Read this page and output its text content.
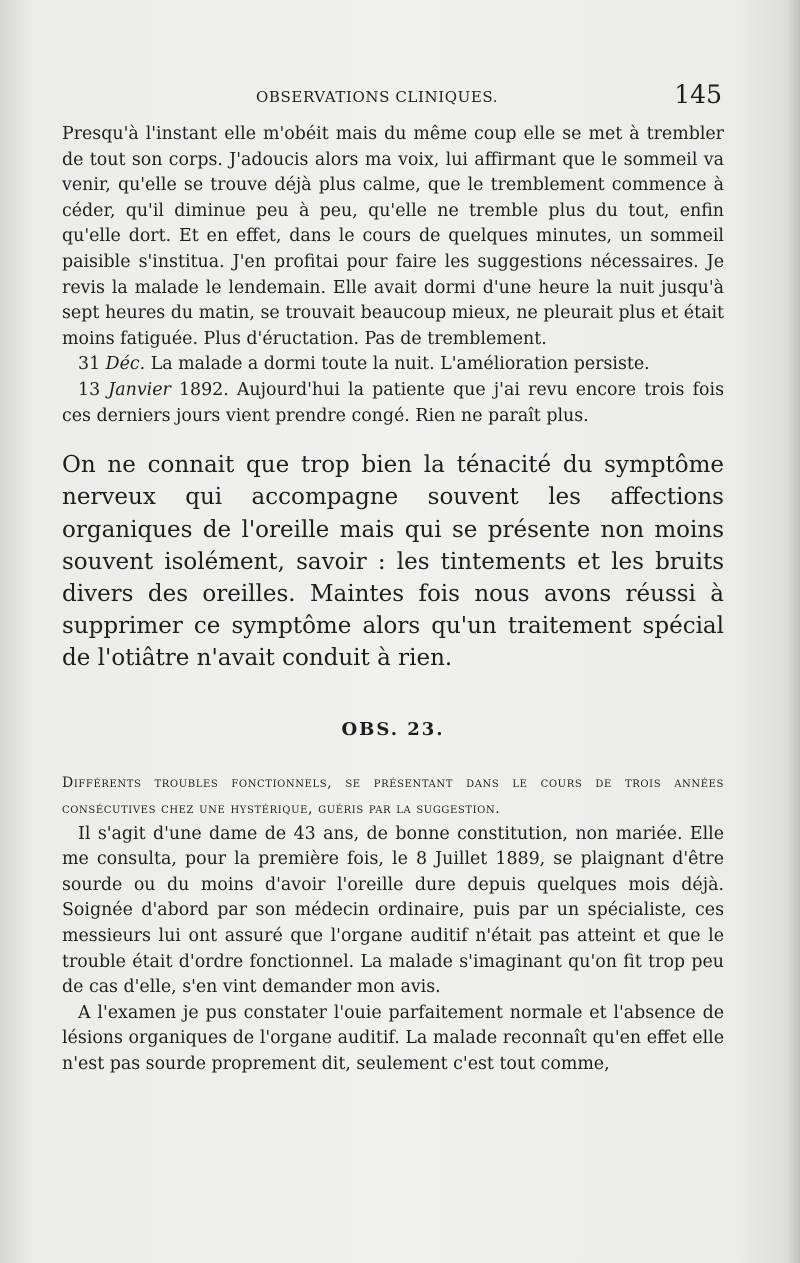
OBSERVATIONS CLINIQUES.	145

Presqu'à l'instant elle m'obéit mais du même coup elle se met à trembler de tout son corps. J'adoucis alors ma voix, lui affirmant que le sommeil va venir, qu'elle se trouve déjà plus calme, que le tremblement commence à céder, qu'il diminue peu à peu, qu'elle ne tremble plus du tout, enfin qu'elle dort. Et en effet, dans le cours de quelques minutes, un sommeil paisible s'institua. J'en profitai pour faire les suggestions nécessaires. Je revis la malade le lendemain. Elle avait dormi d'une heure la nuit jusqu'à sept heures du matin, se trouvait beaucoup mieux, ne pleurait plus et était moins fatiguée. Plus d'éructation. Pas de tremblement.

31 Déc. La malade a dormi toute la nuit. L'amélioration persiste.

13 Janvier 1892. Aujourd'hui la patiente que j'ai revu encore trois fois ces derniers jours vient prendre congé. Rien ne paraît plus.

On ne connait que trop bien la ténacité du symptôme nerveux qui accompagne souvent les affections organiques de l'oreille mais qui se présente non moins souvent isolément, savoir : les tintements et les bruits divers des oreilles. Maintes fois nous avons réussi à supprimer ce symptôme alors qu'un traitement spécial de l'otiâtre n'avait conduit à rien.

OBS. 23.

Différents troubles fonctionnels, se présentant dans le cours de trois années consécutives chez une hystérique, guéris par la suggestion.

Il s'agit d'une dame de 43 ans, de bonne constitution, non mariée. Elle me consulta, pour la première fois, le 8 Juillet 1889, se plaignant d'être sourde ou du moins d'avoir l'oreille dure depuis quelques mois déjà. Soignée d'abord par son médecin ordinaire, puis par un spécialiste, ces messieurs lui ont assuré que l'organe auditif n'était pas atteint et que le trouble était d'ordre fonctionnel. La malade s'imaginant qu'on fit trop peu de cas d'elle, s'en vint demander mon avis.

A l'examen je pus constater l'ouie parfaitement normale et l'absence de lésions organiques de l'organe auditif. La malade reconnaît qu'en effet elle n'est pas sourde proprement dit, seulement c'est tout comme,
